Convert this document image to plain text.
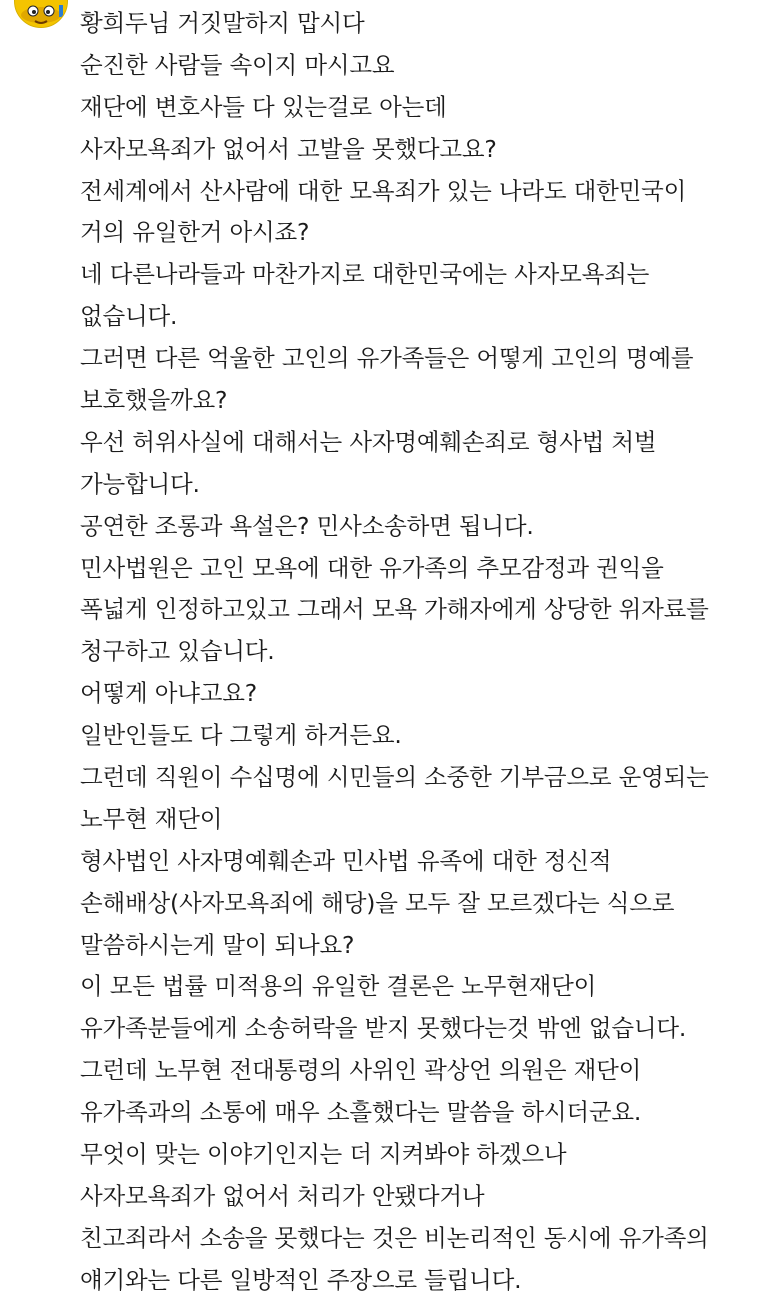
황희두님 거짓말하지 맙시다
순진한 사람들 속이지 마시고요
재단에 변호사들 다 있는걸로 아는데
사자모욕죄가 없어서 고발을 못했다고요?
전세계에서 산사람에 대한 모욕죄가 있는 나라도 대한민국이
거의 유일한거 아시죠?
네 다른나라들과 마찬가지로 대한민국에는 사자모욕죄는
없습니다.
그러면 다른 억울한 고인의 유가족들은 어떻게 고인의 명예를
보호했을까요?
우선 허위사실에 대해서는 사자명예훼손죄로 형사법 처벌
가능합니다.
공연한 조롱과 욕설은? 민사소송하면 됩니다.
민사법원은 고인 모욕에 대한 유가족의 추모감정과 권익을
폭넓게 인정하고있고 그래서 모욕 가해자에게 상당한 위자료를
청구하고 있습니다.
어떻게 아냐고요?
일반인들도 다 그렇게 하거든요.
그런데 직원이 수십명에 시민들의 소중한 기부금으로 운영되는
노무현 재단이
형사법인 사자명예훼손과 민사법 유족에 대한 정신적
손해배상(사자모욕죄에 해당)을 모두 잘 모르겠다는 식으로
말씀하시는게 말이 되나요?
이 모든 법률 미적용의 유일한 결론은 노무현재단이
유가족분들에게 소송허락을 받지 못했다는것 밖엔 없습니다.
그런데 노무현 전대통령의 사위인 곽상언 의원은 재단이
유가족과의 소통에 매우 소흘했다는 말씀을 하시더군요.
무엇이 맞는 이야기인지는 더 지켜봐야 하겠으나
사자모욕죄가 없어서 처리가 안됐다거나
친고죄라서 소송을 못했다는 것은 비논리적인 동시에 유가족의
얘기와는 다른 일방적인 주장으로 들립니다.
